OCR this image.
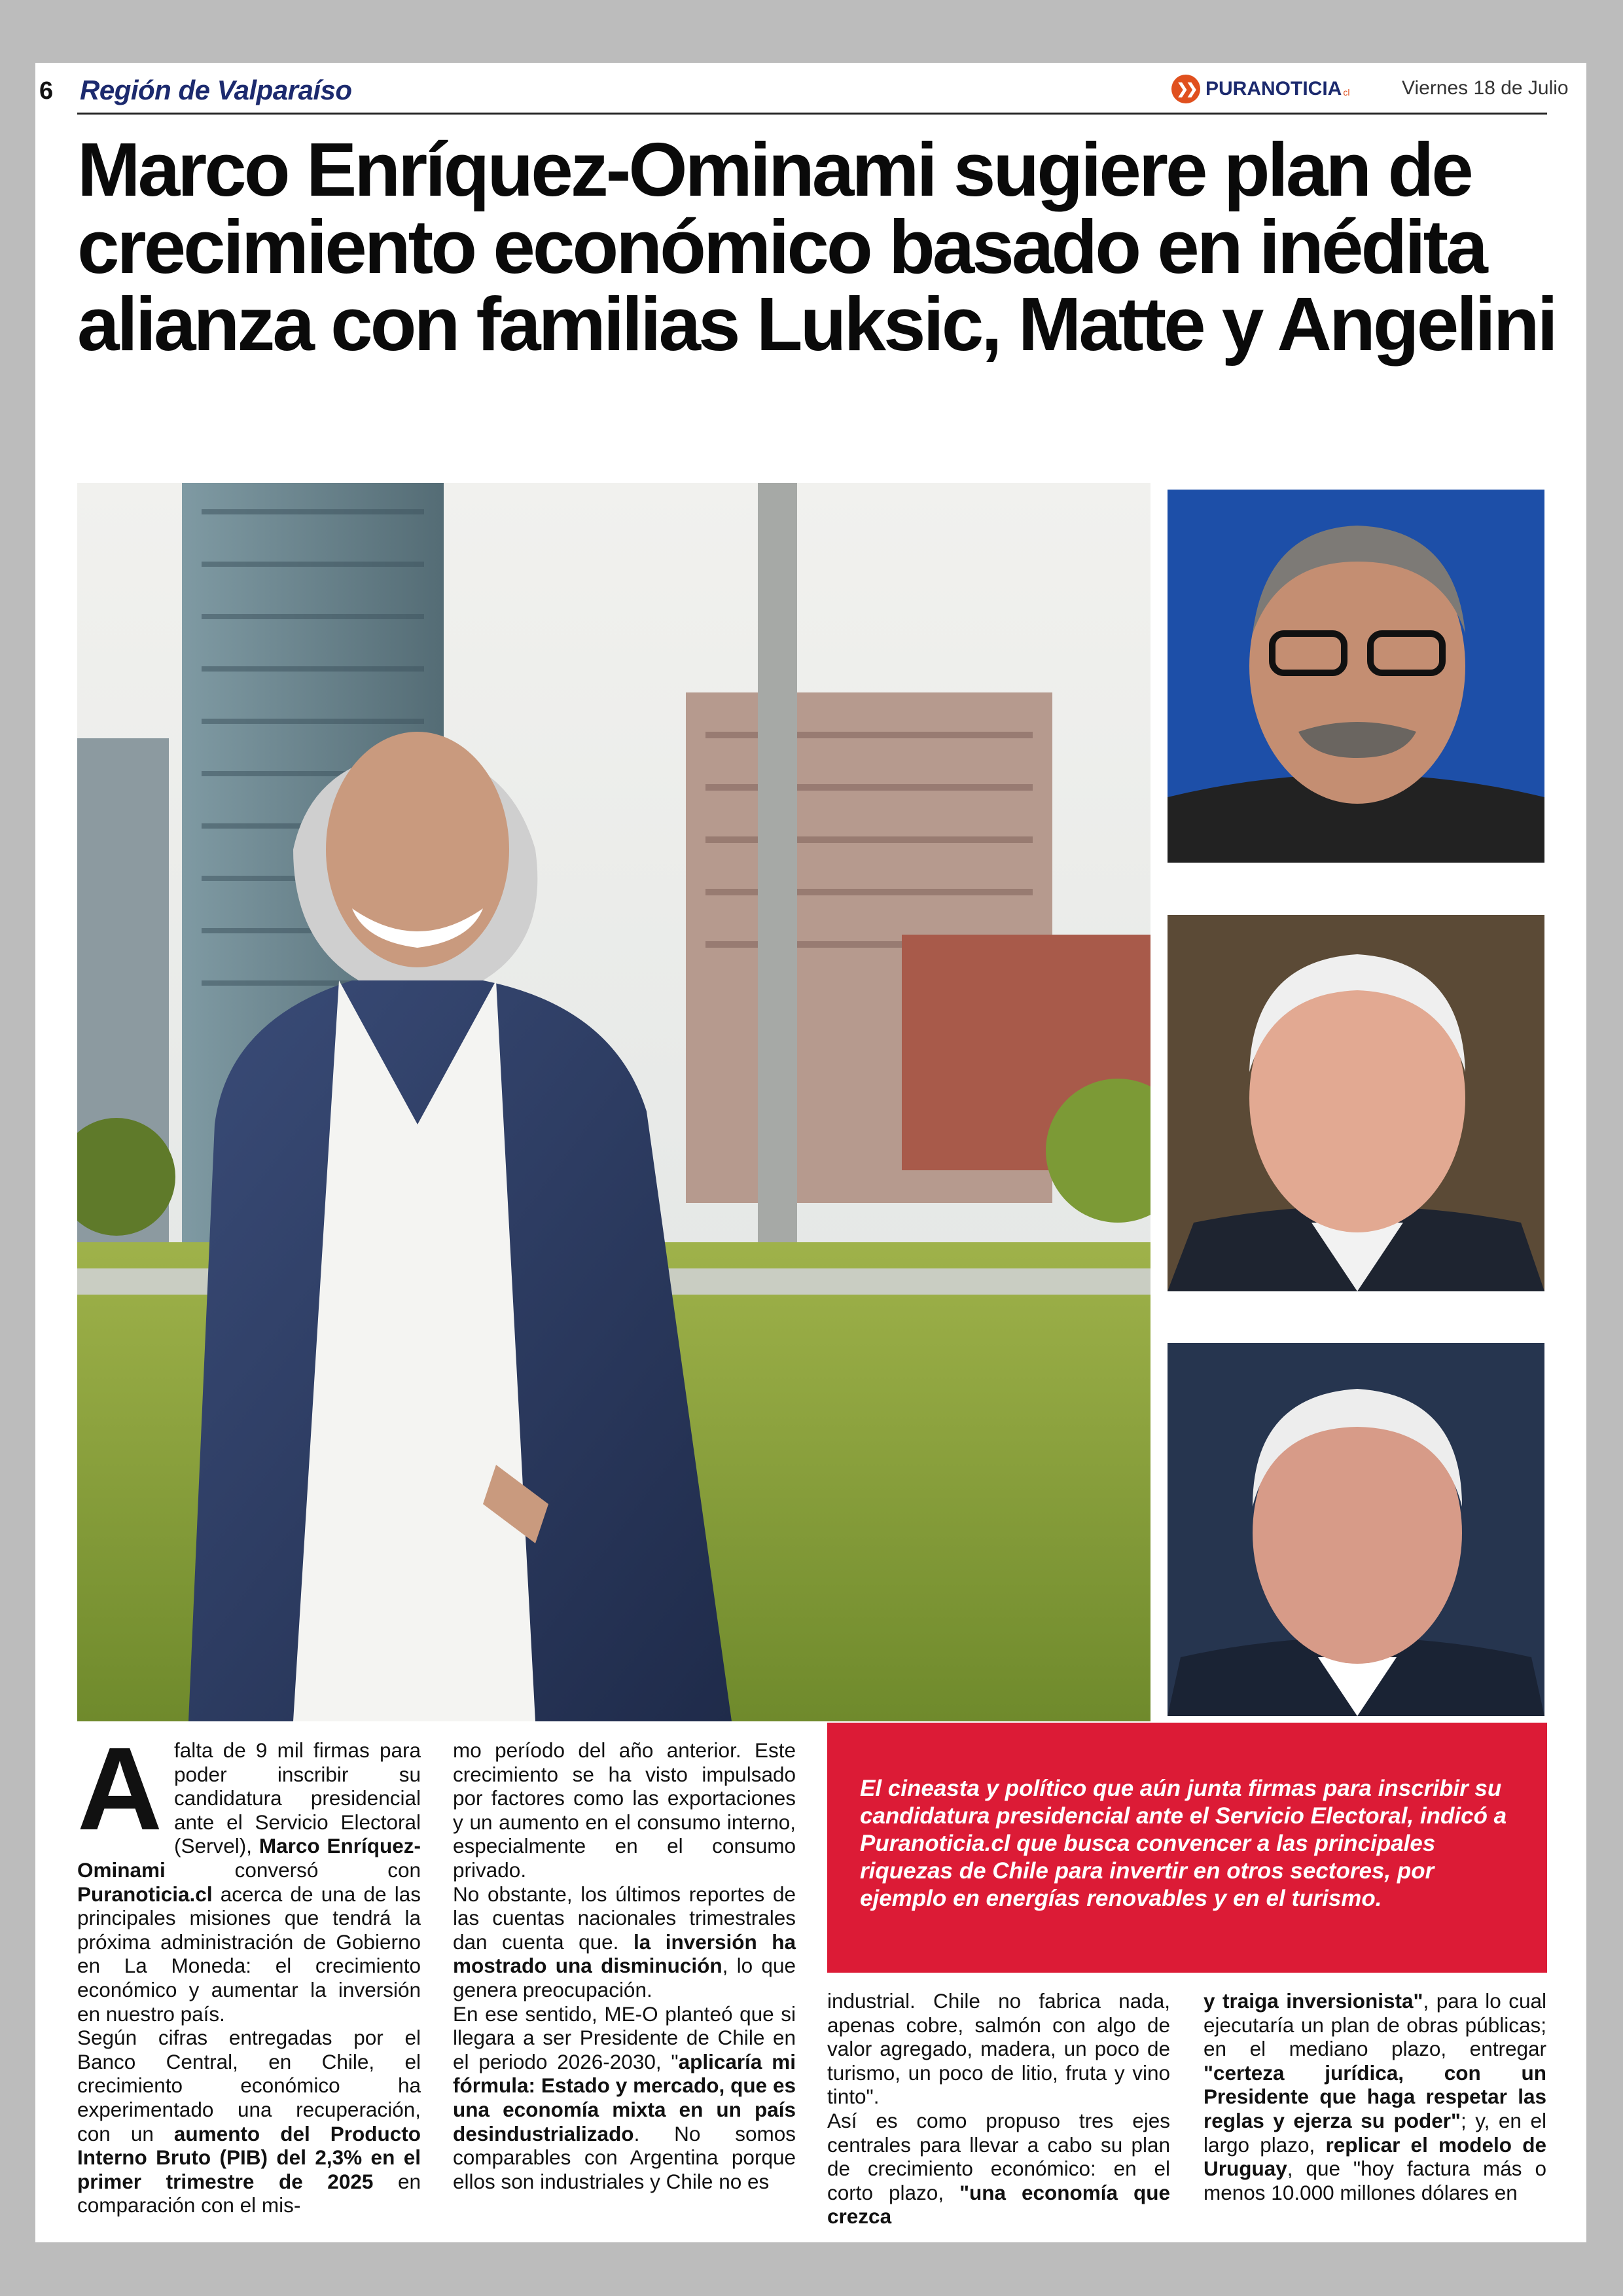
6 Región de Valparaíso	❯❯ PURANOTICIA cl	Viernes 18 de Julio
Marco Enríquez-Ominami sugiere plan de crecimiento económico basado en inédita alianza con familias Luksic, Matte y Angelini
A falta de 9 mil firmas para poder inscribir su candidatura presidencial ante el Servicio Electoral (Servel), Marco Enríquez-Ominami conversó con Puranoticia.cl acerca de una de las principales misiones que tendrá la próxima administración de Gobierno en La Moneda: el crecimiento económico y aumentar la inversión en nuestro país.

Según cifras entregadas por el Banco Central, en Chile, el crecimiento económico ha experimentado una recuperación, con un aumento del Producto Interno Bruto (PIB) del 2,3% en el primer trimestre de 2025 en comparación con el mis-

mo período del año anterior. Este crecimiento se ha visto impulsado por factores como las exportaciones y un aumento en el consumo interno, especialmente en el consumo privado.

No obstante, los últimos reportes de las cuentas nacionales trimestrales dan cuenta que. la inversión ha mostrado una disminución, lo que genera preocupación.

En ese sentido, ME-O planteó que si llegara a ser Presidente de Chile en el periodo 2026-2030, "aplicaría mi fórmula: Estado y mercado, que es una economía mixta en un país desindustrializado. No somos comparables con Argentina porque ellos son industriales y Chile no es

El cineasta y político que aún junta firmas para inscribir su candidatura presidencial ante el Servicio Electoral, indicó a Puranoticia.cl que busca convencer a las principales riquezas de Chile para invertir en otros sectores, por ejemplo en energías renovables y en el turismo.

industrial. Chile no fabrica nada, apenas cobre, salmón con algo de valor agregado, madera, un poco de turismo, un poco de litio, fruta y vino tinto".

Así es como propuso tres ejes centrales para llevar a cabo su plan de crecimiento económico: en el corto plazo, "una economía que crezca

y traiga inversionista", para lo cual ejecutaría un plan de obras públicas; en el mediano plazo, entregar "certeza jurídica, con un Presidente que haga respetar las reglas y ejerza su poder"; y, en el largo plazo, replicar el modelo de Uruguay, que "hoy factura más o menos 10.000 millones dólares en
